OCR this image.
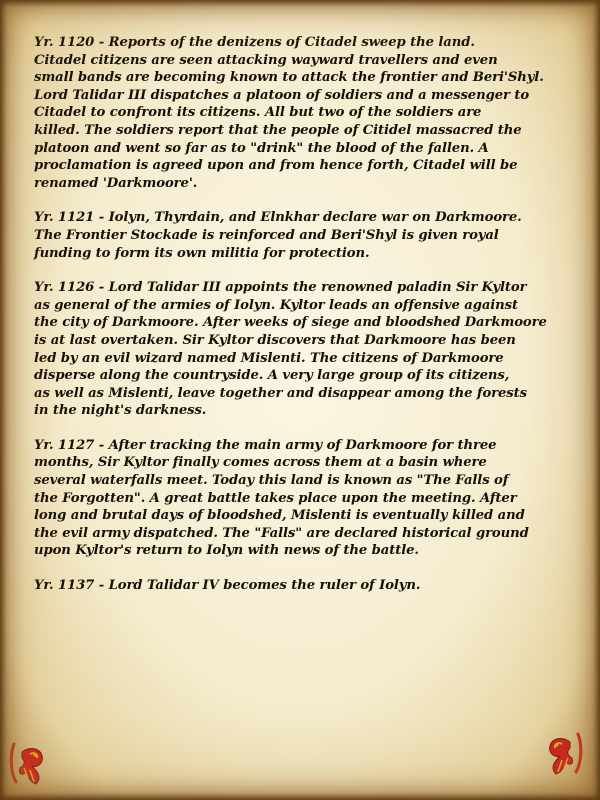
Yr. 1120 - Reports of the denizens of Citadel sweep the land.
Citadel citizens are seen attacking wayward travellers and even
small bands are becoming known to attack the frontier and Beri'Shyl.
Lord Talidar III dispatches a platoon of soldiers and a messenger to
Citadel to confront its citizens. All but two of the soldiers are
killed. The soldiers report that the people of Citidel massacred the
platoon and went so far as to "drink" the blood of the fallen. A
proclamation is agreed upon and from hence forth, Citadel will be
renamed 'Darkmoore'.
Yr. 1121 - Iolyn, Thyrdain, and Elnkhar declare war on Darkmoore.
The Frontier Stockade is reinforced and Beri'Shyl is given royal
funding to form its own militia for protection.
Yr. 1126 - Lord Talidar III appoints the renowned paladin Sir Kyltor
as general of the armies of Iolyn. Kyltor leads an offensive against
the city of Darkmoore. After weeks of siege and bloodshed Darkmoore
is at last overtaken. Sir Kyltor discovers that Darkmoore has been
led by an evil wizard named Mislenti. The citizens of Darkmoore
disperse along the countryside. A very large group of its citizens,
as well as Mislenti, leave together and disappear among the forests
in the night's darkness.
Yr. 1127 - After tracking the main army of Darkmoore for three
months, Sir Kyltor finally comes across them at a basin where
several waterfalls meet. Today this land is known as "The Falls of
the Forgotten". A great battle takes place upon the meeting. After
long and brutal days of bloodshed, Mislenti is eventually killed and
the evil army dispatched. The "Falls" are declared historical ground
upon Kyltor's return to Iolyn with news of the battle.
Yr. 1137 - Lord Talidar IV becomes the ruler of Iolyn.
